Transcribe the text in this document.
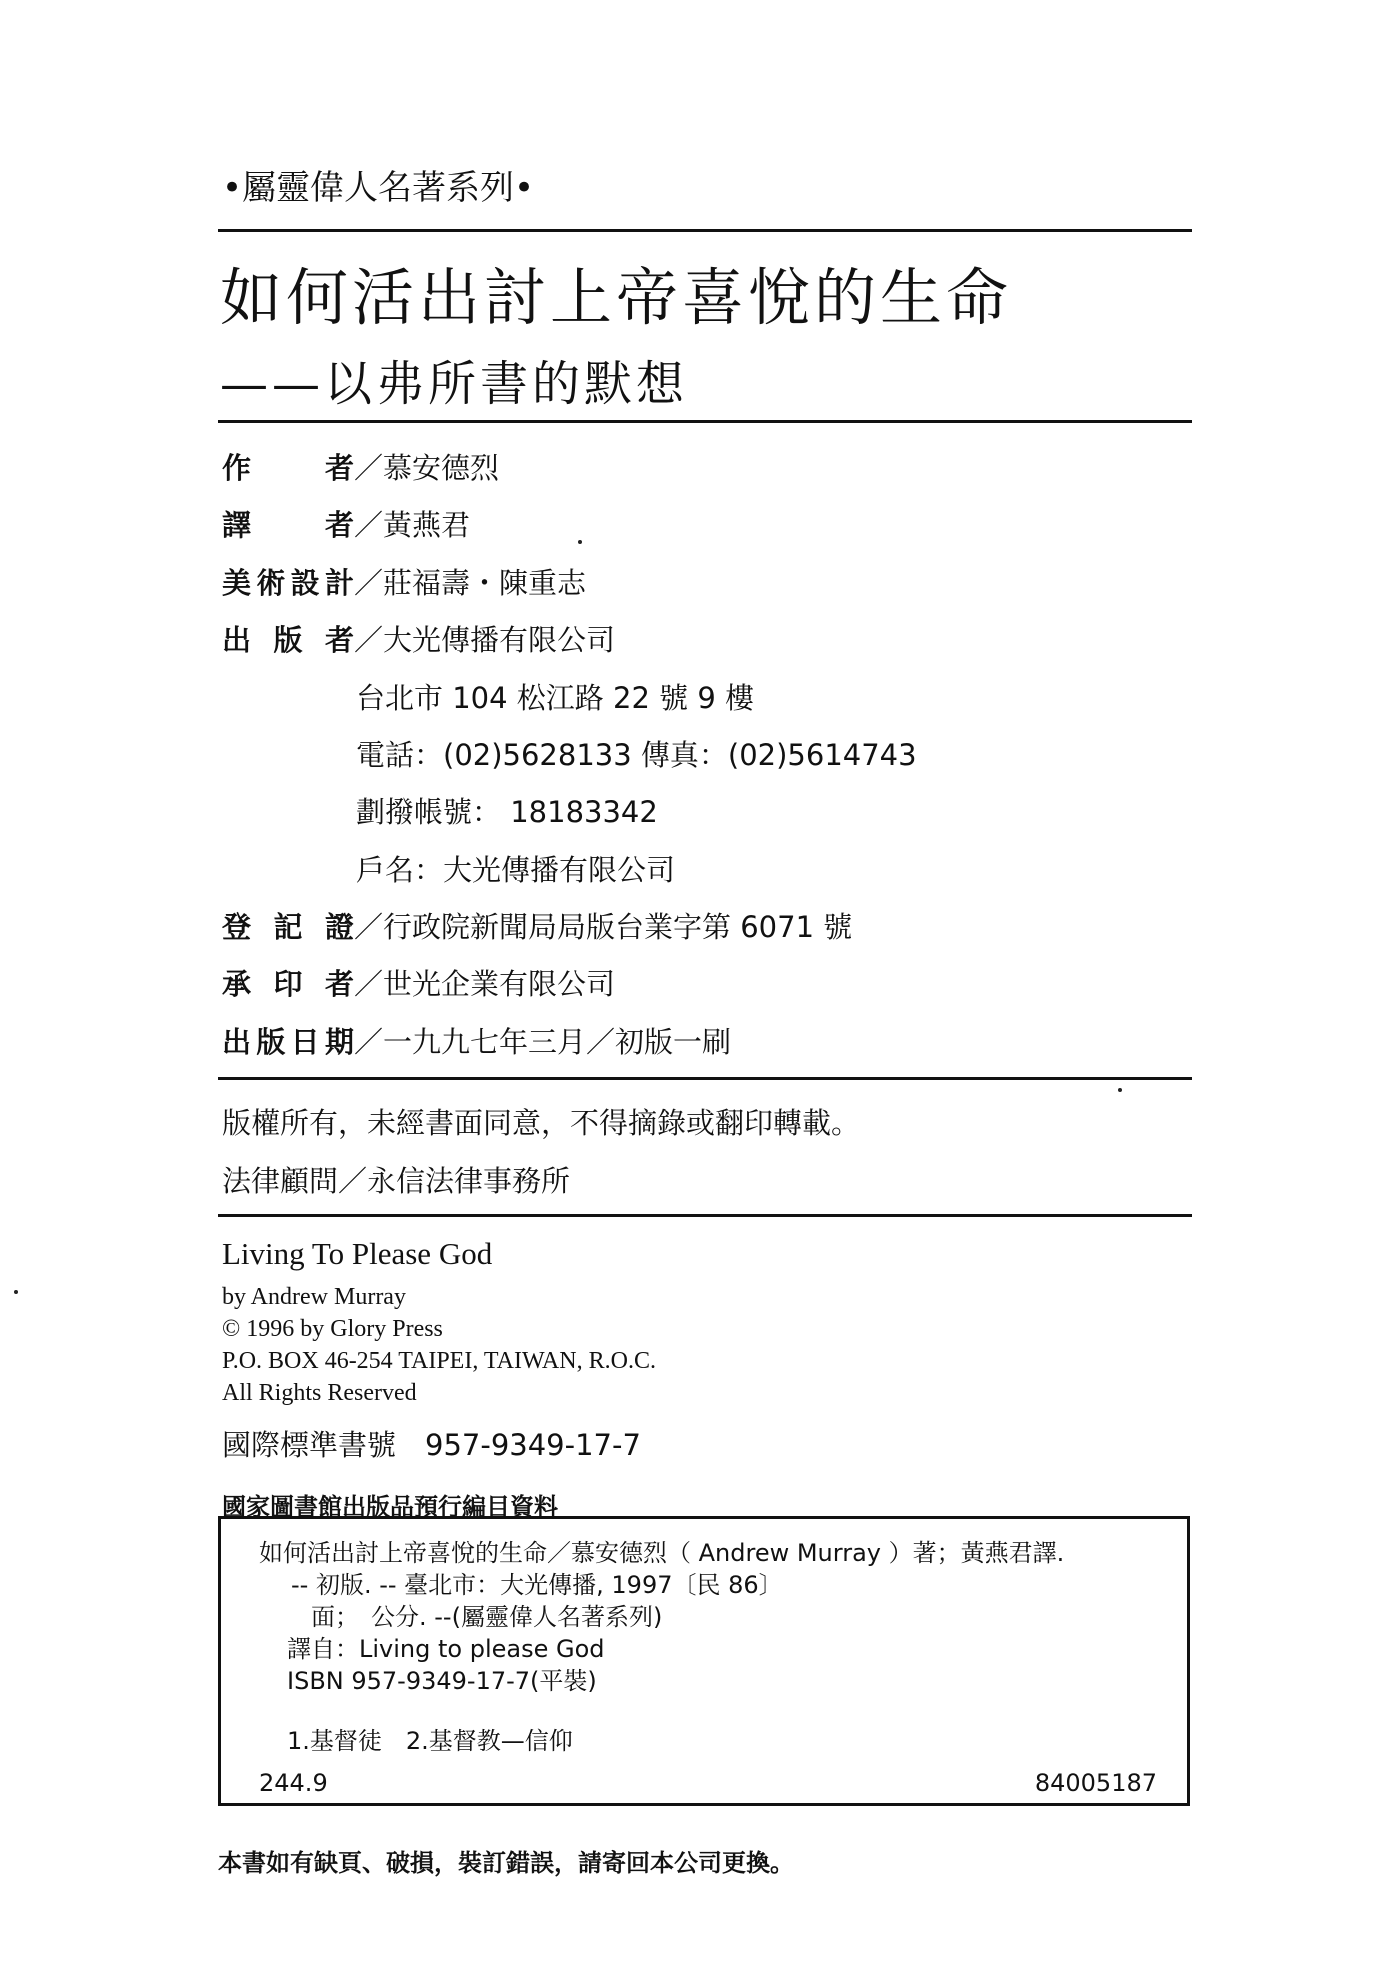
•屬靈偉人名著系列•
如何活出討上帝喜悅的生命
——以弗所書的默想
作者／慕安德烈
譯者／黃燕君
美術設計／莊福壽・陳重志
出版者／大光傳播有限公司
台北市 104 松江路 22 號 9 樓
電話：(02)5628133 傳真：(02)5614743
劃撥帳號： 18183342
戶名：大光傳播有限公司
登記證／行政院新聞局局版台業字第 6071 號
承印者／世光企業有限公司
出版日期／一九九七年三月／初版一刷
版權所有，未經書面同意，不得摘錄或翻印轉載。
法律顧問／永信法律事務所
Living To Please God
by Andrew Murray
© 1996 by Glory Press
P.O. BOX 46-254 TAIPEI, TAIWAN, R.O.C.
All Rights Reserved
國際標準書號　957-9349-17-7
國家圖書館出版品預行編目資料
如何活出討上帝喜悅的生命／慕安德烈（ Andrew Murray ）著；黃燕君譯.
-- 初版. -- 臺北市：大光傳播, 1997〔民 86〕
面；　公分. --(屬靈偉人名著系列)
譯自：Living to please God
ISBN 957-9349-17-7(平裝)
1.基督徒　2.基督教—信仰
244.9	84005187
本書如有缺頁、破損，裝訂錯誤，請寄回本公司更換。
